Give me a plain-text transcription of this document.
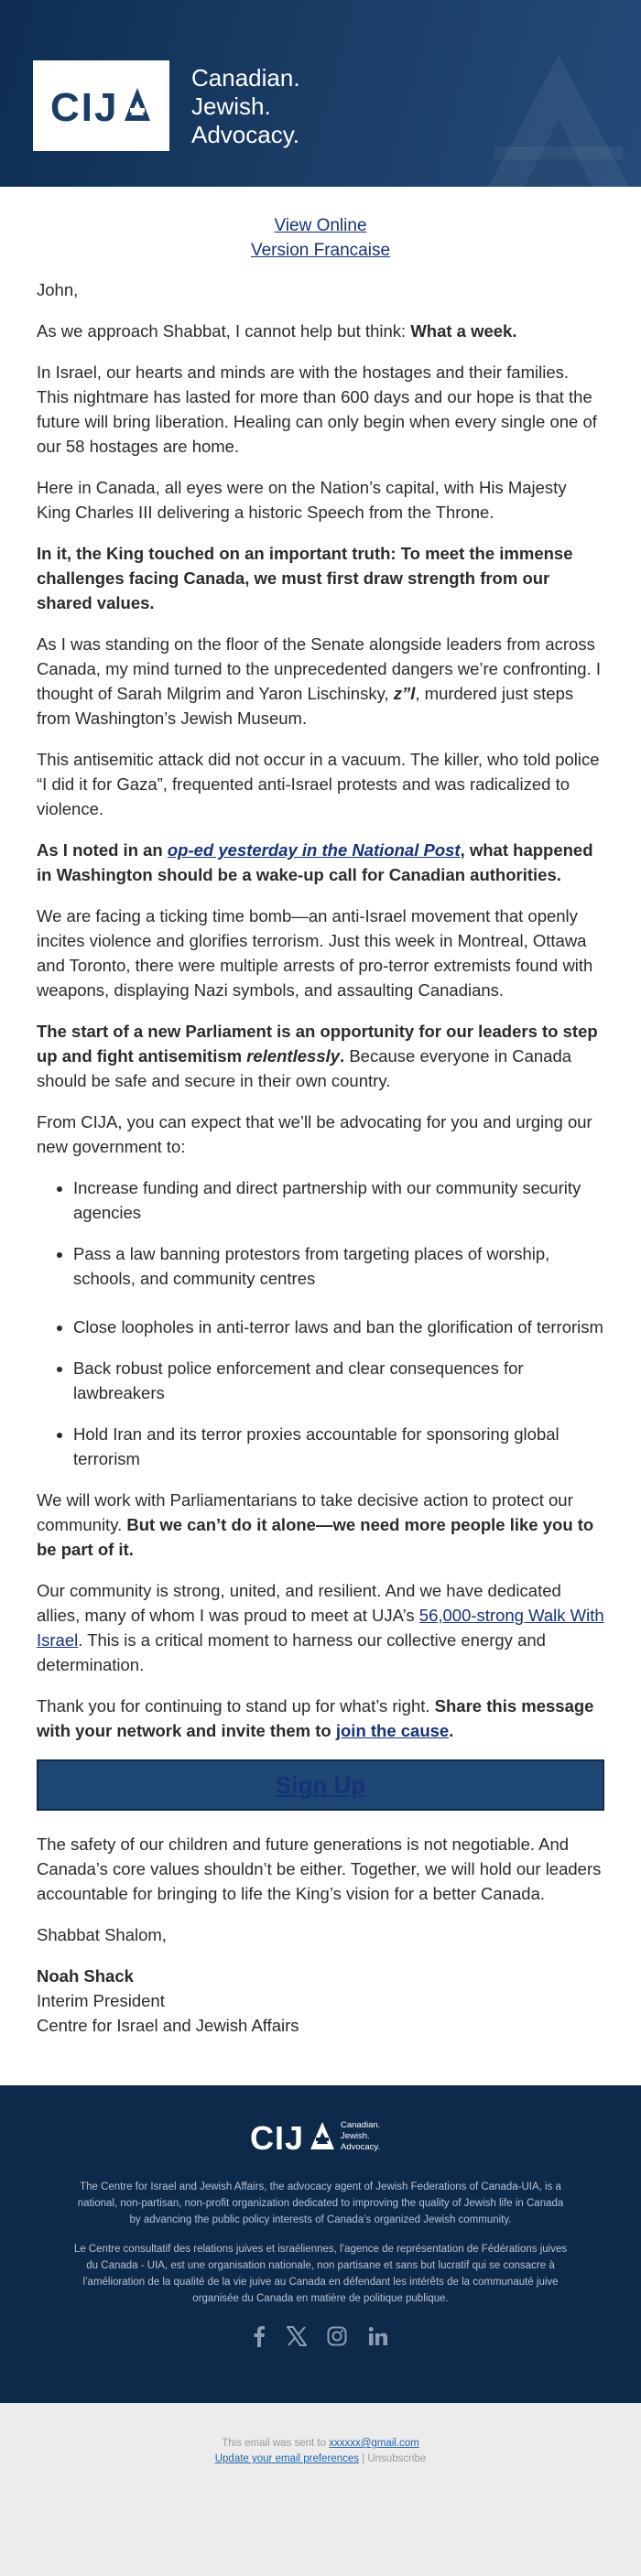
CIJ
Canadian.
Jewish.
Advocacy.
View Online
Version Francaise

John,

As we approach Shabbat, I cannot help but think: What a week.

In Israel, our hearts and minds are with the hostages and their families. This nightmare has lasted for more than 600 days and our hope is that the future will bring liberation. Healing can only begin when every single one of our 58 hostages are home.

Here in Canada, all eyes were on the Nation’s capital, with His Majesty King Charles III delivering a historic Speech from the Throne.

In it, the King touched on an important truth: To meet the immense challenges facing Canada, we must first draw strength from our shared values.

As I was standing on the floor of the Senate alongside leaders from across Canada, my mind turned to the unprecedented dangers we’re confronting. I thought of Sarah Milgrim and Yaron Lischinsky, z”l, murdered just steps from Washington’s Jewish Museum.

This antisemitic attack did not occur in a vacuum. The killer, who told police “I did it for Gaza”, frequented anti-Israel protests and was radicalized to violence.

As I noted in an op-ed yesterday in the National Post, what happened in Washington should be a wake-up call for Canadian authorities.

We are facing a ticking time bomb—an anti-Israel movement that openly incites violence and glorifies terrorism. Just this week in Montreal, Ottawa and Toronto, there were multiple arrests of pro-terror extremists found with weapons, displaying Nazi symbols, and assaulting Canadians.

The start of a new Parliament is an opportunity for our leaders to step up and fight antisemitism relentlessly. Because everyone in Canada should be safe and secure in their own country.

From CIJA, you can expect that we’ll be advocating for you and urging our new government to:

• Increase funding and direct partnership with our community security agencies
• Pass a law banning protestors from targeting places of worship, schools, and community centres
• Close loopholes in anti-terror laws and ban the glorification of terrorism
• Back robust police enforcement and clear consequences for lawbreakers
• Hold Iran and its terror proxies accountable for sponsoring global terrorism

We will work with Parliamentarians to take decisive action to protect our community. But we can’t do it alone—we need more people like you to be part of it.

Our community is strong, united, and resilient. And we have dedicated allies, many of whom I was proud to meet at UJA’s 56,000-strong Walk With Israel. This is a critical moment to harness our collective energy and determination.

Thank you for continuing to stand up for what’s right. Share this message with your network and invite them to join the cause.

Sign Up

The safety of our children and future generations is not negotiable. And Canada’s core values shouldn’t be either. Together, we will hold our leaders accountable for bringing to life the King’s vision for a better Canada.

Shabbat Shalom,

Noah Shack
Interim President
Centre for Israel and Jewish Affairs

CIJ	Canadian.
Jewish.
Advocacy.
The Centre for Israel and Jewish Affairs, the advocacy agent of Jewish Federations of Canada-UIA, is a national, non-partisan, non-profit organization dedicated to improving the quality of Jewish life in Canada by advancing the public policy interests of Canada’s organized Jewish community.
Le Centre consultatif des relations juives et israéliennes, l’agence de représentation de Fédérations juives du Canada - UIA, est une organisation nationale, non partisane et sans but lucratif qui se consacre à l’amélioration de la qualité de la vie juive au Canada en défendant les intérêts de la communauté juive organisée du Canada en matière de politique publique.

This email was sent to xxxxxx@gmail.com
Update your email preferences | Unsubscribe
